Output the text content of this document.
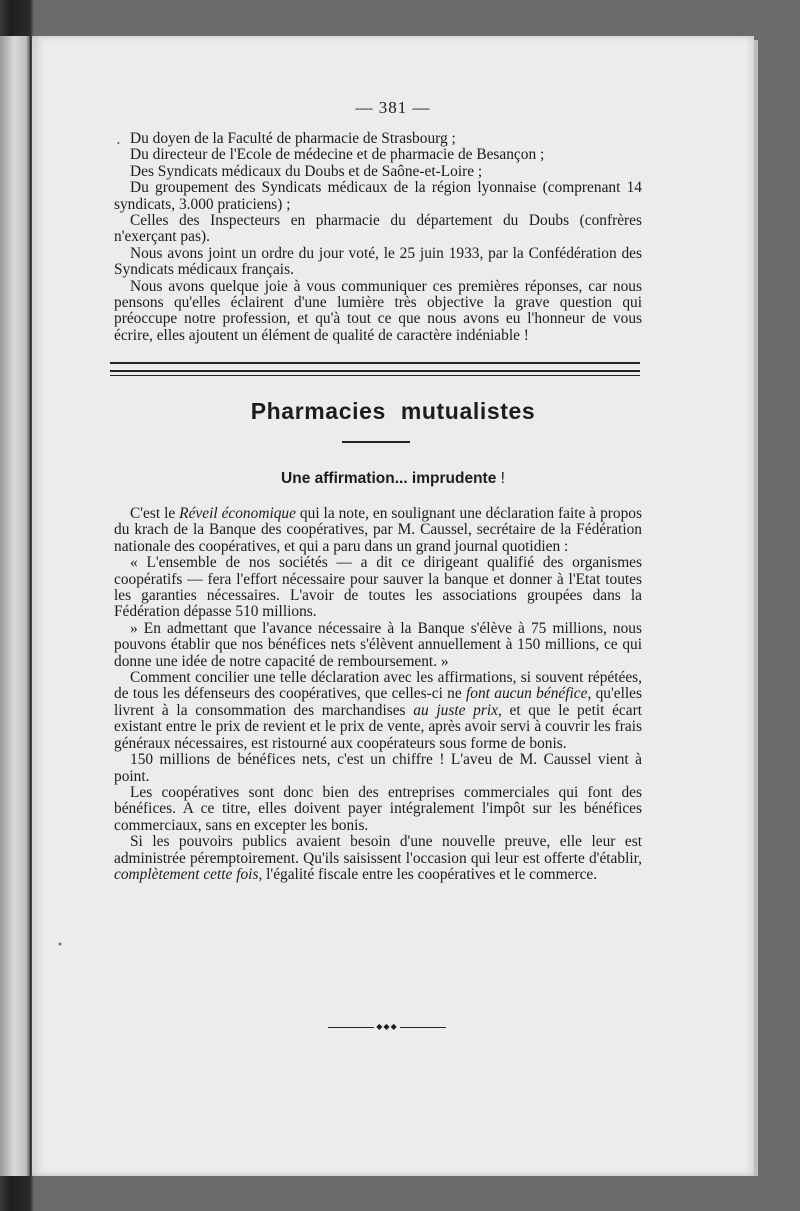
— 381 —
• Du doyen de la Faculté de pharmacie de Strasbourg ;

Du directeur de l'Ecole de médecine et de pharmacie de Besançon ;

Des Syndicats médicaux du Doubs et de Saône-et-Loire ;

Du groupement des Syndicats médicaux de la région lyonnaise (comprenant 14 syndicats, 3.000 praticiens) ;

Celles des Inspecteurs en pharmacie du département du Doubs (confrères n'exerçant pas).

Nous avons joint un ordre du jour voté, le 25 juin 1933, par la Confédération des Syndicats médicaux français.

Nous avons quelque joie à vous communiquer ces premières réponses, car nous pensons qu'elles éclairent d'une lumière très objective la grave question qui préoccupe notre profession, et qu'à tout ce que nous avons eu l'honneur de vous écrire, elles ajoutent un élément de qualité de caractère indéniable !

Pharmacies mutualistes
Une affirmation... imprudente !

C'est le Réveil économique qui la note, en soulignant une déclaration faite à propos du krach de la Banque des coopératives, par M. Caussel, secrétaire de la Fédération nationale des coopératives, et qui a paru dans un grand journal quotidien :

« L'ensemble de nos sociétés — a dit ce dirigeant qualifié des organismes coopératifs — fera l'effort nécessaire pour sauver la banque et donner à l'Etat toutes les garanties nécessaires. L'avoir de toutes les associations groupées dans la Fédération dépasse 510 millions.

» En admettant que l'avance nécessaire à la Banque s'élève à 75 millions, nous pouvons établir que nos bénéfices nets s'élèvent annuellement à 150 millions, ce qui donne une idée de notre capacité de remboursement. »

Comment concilier une telle déclaration avec les affirmations, si souvent répétées, de tous les défenseurs des coopératives, que celles-ci ne font aucun bénéfice, qu'elles livrent à la consommation des marchandises au juste prix, et que le petit écart existant entre le prix de revient et le prix de vente, après avoir servi à couvrir les frais généraux nécessaires, est ristourné aux coopérateurs sous forme de bonis.

150 millions de bénéfices nets, c'est un chiffre ! L'aveu de M. Caussel vient à point.

Les coopératives sont donc bien des entreprises commerciales qui font des bénéfices. A ce titre, elles doivent payer intégralement l'impôt sur les bénéfices commerciaux, sans en excepter les bonis.

Si les pouvoirs publics avaient besoin d'une nouvelle preuve, elle leur est administrée péremptoirement. Qu'ils saisissent l'occasion qui leur est offerte d'établir, complètement cette fois, l'égalité fiscale entre les coopératives et le commerce.

◆◆◆
●
